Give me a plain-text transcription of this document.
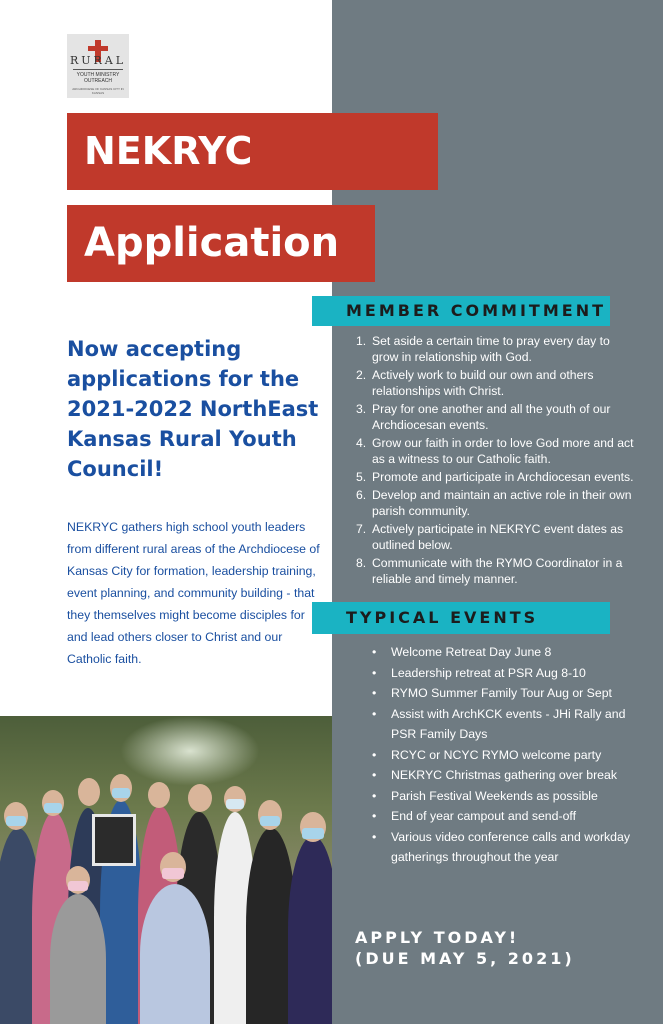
RURAL
YOUTH MINISTRY OUTREACH
ARCHDIOCESE OF KANSAS CITY IN KANSAS
NEKRYC
Application
Now accepting applications for the 2021-2022 NorthEast Kansas Rural Youth Council!
NEKRYC gathers high school youth leaders from different rural areas of the Archdiocese of Kansas City for formation, leadership training, event planning, and community building - that they themselves might become disciples for and lead others closer to Christ and our Catholic faith.
MEMBER COMMITMENT
1. Set aside a certain time to pray every day to grow in relationship with God.
2. Actively work to build our own and others relationships with Christ.
3. Pray for one another and all the youth of our Archdiocesan events.
4. Grow our faith in order to love God more and act as a witness to our Catholic faith.
5. Promote and participate in Archdiocesan events.
6. Develop and maintain an active role in their own parish community.
7. Actively participate in NEKRYC event dates as outlined below.
8. Communicate with the RYMO Coordinator in a reliable and timely manner.
TYPICAL EVENTS
• Welcome Retreat Day June 8
• Leadership retreat at PSR Aug 8-10
• RYMO Summer Family Tour Aug or Sept
• Assist with ArchKCK events - JHi Rally and PSR Family Days
• RCYC or NCYC RYMO welcome party
• NEKRYC Christmas gathering over break
• Parish Festival Weekends as possible
• End of year campout and send-off
• Various video conference calls and workday gatherings throughout the year
APPLY TODAY!
(DUE MAY 5, 2021)
